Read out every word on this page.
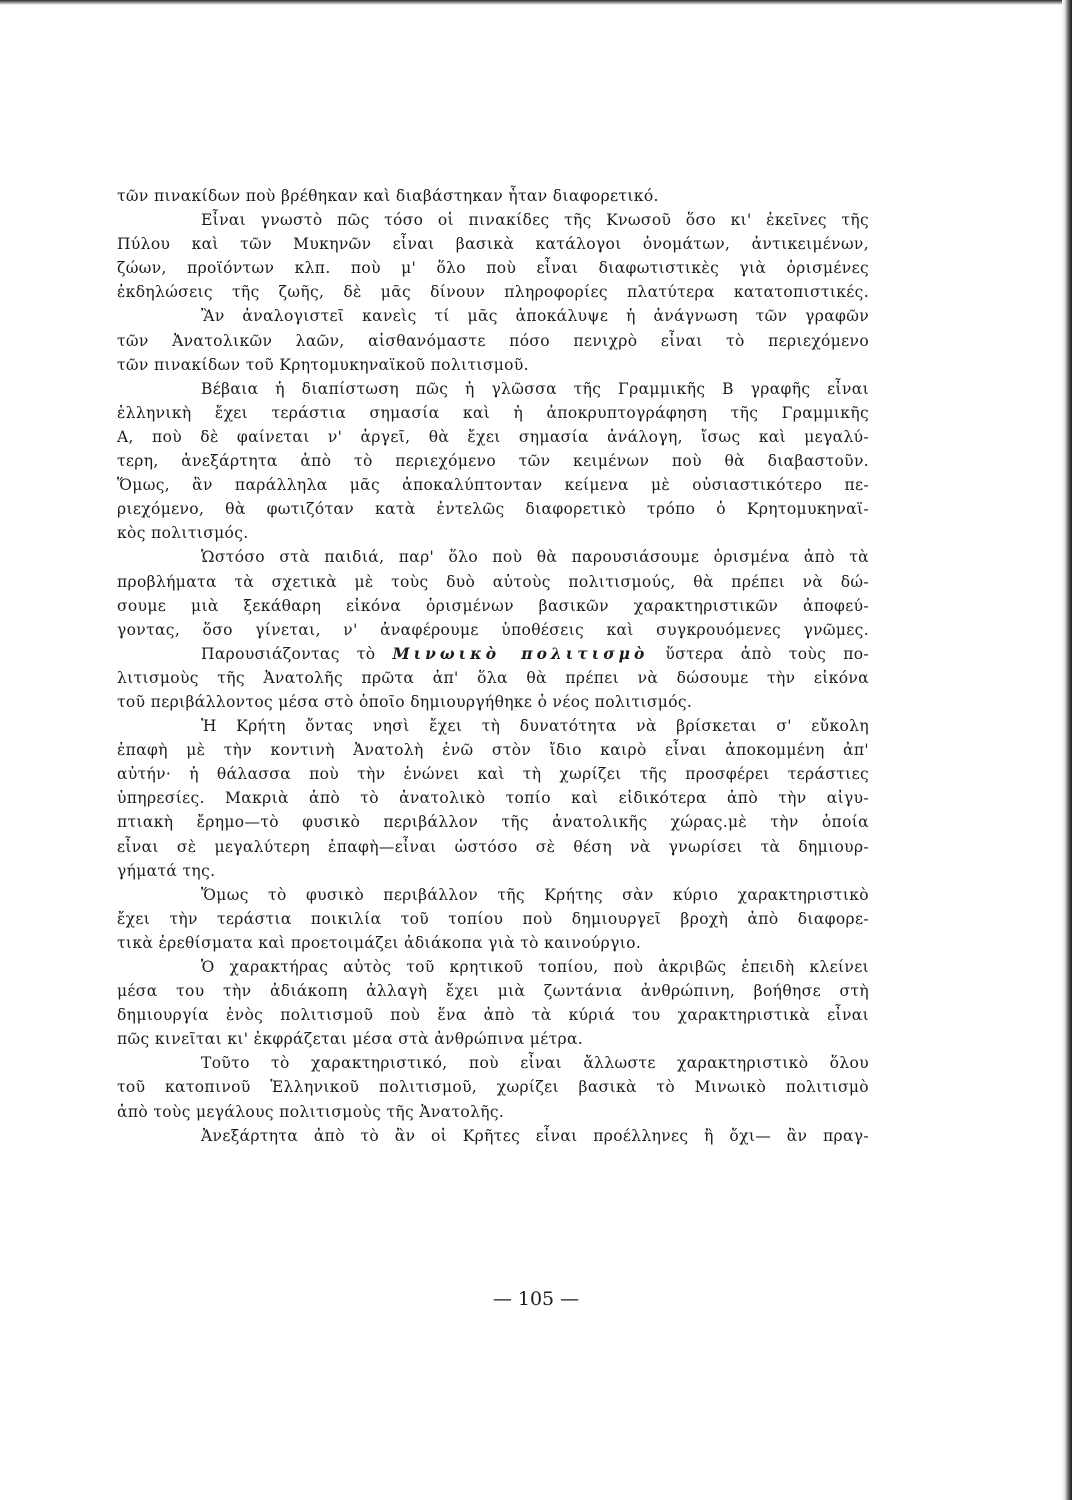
τῶν πινακίδων ποὺ βρέθηκαν καὶ διαβάστηκαν ἦταν διαφορετικό.
Εἶναι γνωστὸ πῶς τόσο οἱ πινακίδες τῆς Κνωσοῦ ὅσο κι' ἐκεῖνες τῆς
Πύλου καὶ τῶν Μυκηνῶν εἶναι βασικὰ κατάλογοι ὀνομάτων, ἀντικειμένων,
ζώων, προϊόντων κλπ. ποὺ μ' ὅλο ποὺ εἶναι διαφωτιστικὲς γιὰ ὁρισμένες
ἐκδηλώσεις τῆς ζωῆς, δὲ μᾶς δίνουν πληροφορίες πλατύτερα κατατοπιστικές.
Ἂν ἀναλογιστεῖ κανεὶς τί μᾶς ἀποκάλυψε ἡ ἀνάγνωση τῶν γραφῶν
τῶν Ἀνατολικῶν λαῶν, αἰσθανόμαστε πόσο πενιχρὸ εἶναι τὸ περιεχόμενο
τῶν πινακίδων τοῦ Κρητομυκηναϊκοῦ πολιτισμοῦ.
Βέβαια ἡ διαπίστωση πῶς ἡ γλῶσσα τῆς Γραμμικῆς Β γραφῆς εἶναι
ἑλληνικὴ ἔχει τεράστια σημασία καὶ ἡ ἀποκρυπτογράφηση τῆς Γραμμικῆς
Α, ποὺ δὲ φαίνεται ν' ἀργεῖ, θὰ ἔχει σημασία ἀνάλογη, ἴσως καὶ μεγαλύ-
τερη, ἀνεξάρτητα ἀπὸ τὸ περιεχόμενο τῶν κειμένων ποὺ θὰ διαβαστοῦν.
Ὅμως, ἂν παράλληλα μᾶς ἀποκαλύπτονταν κείμενα μὲ οὐσιαστικότερο πε-
ριεχόμενο, θὰ φωτιζόταν κατὰ ἐντελῶς διαφορετικὸ τρόπο ὁ Κρητομυκηναϊ-
κὸς πολιτισμός.
Ὡστόσο στὰ παιδιά, παρ' ὅλο ποὺ θὰ παρουσιάσουμε ὁρισμένα ἀπὸ τὰ
προβλήματα τὰ σχετικὰ μὲ τοὺς δυὸ αὐτοὺς πολιτισμούς, θὰ πρέπει νὰ δώ-
σουμε μιὰ ξεκάθαρη εἰκόνα ὁρισμένων βασικῶν χαρακτηριστικῶν ἀποφεύ-
γοντας, ὅσο γίνεται, ν' ἀναφέρουμε ὑποθέσεις καὶ συγκρουόμενες γνῶμες.
Παρουσιάζοντας τὸ Μινωικὸ πολιτισμὸ ὕστερα ἀπὸ τοὺς πο-
λιτισμοὺς τῆς Ἀνατολῆς πρῶτα ἀπ' ὅλα θὰ πρέπει νὰ δώσουμε τὴν εἰκόνα
τοῦ περιβάλλοντος μέσα στὸ ὁποῖο δημιουργήθηκε ὁ νέος πολιτισμός.
Ἡ Κρήτη ὄντας νησὶ ἔχει τὴ δυνατότητα νὰ βρίσκεται σ' εὔκολη
ἐπαφὴ μὲ τὴν κοντινὴ Ἀνατολὴ ἐνῶ στὸν ἴδιο καιρὸ εἶναι ἀποκομμένη ἀπ'
αὐτήν· ἡ θάλασσα ποὺ τὴν ἑνώνει καὶ τὴ χωρίζει τῆς προσφέρει τεράστιες
ὑπηρεσίες. Μακριὰ ἀπὸ τὸ ἀνατολικὸ τοπίο καὶ εἰδικότερα ἀπὸ τὴν αἰγυ-
πτιακὴ ἔρημο—τὸ φυσικὸ περιβάλλον τῆς ἀνατολικῆς χώρας.μὲ τὴν ὁποία
εἶναι σὲ μεγαλύτερη ἐπαφὴ—εἶναι ὡστόσο σὲ θέση νὰ γνωρίσει τὰ δημιουρ-
γήματά της.
Ὅμως τὸ φυσικὸ περιβάλλον τῆς Κρήτης σὰν κύριο χαρακτηριστικὸ
ἔχει τὴν τεράστια ποικιλία τοῦ τοπίου ποὺ δημιουργεῖ βροχὴ ἀπὸ διαφορε-
τικὰ ἐρεθίσματα καὶ προετοιμάζει ἀδιάκοπα γιὰ τὸ καινούργιο.
Ὁ χαρακτήρας αὐτὸς τοῦ κρητικοῦ τοπίου, ποὺ ἀκριβῶς ἐπειδὴ κλείνει
μέσα του τὴν ἀδιάκοπη ἀλλαγὴ ἔχει μιὰ ζωντάνια ἀνθρώπινη, βοήθησε στὴ
δημιουργία ἑνὸς πολιτισμοῦ ποὺ ἕνα ἀπὸ τὰ κύριά του χαρακτηριστικὰ εἶναι
πῶς κινεῖται κι' ἐκφράζεται μέσα στὰ ἀνθρώπινα μέτρα.
Τοῦτο τὸ χαρακτηριστικό, ποὺ εἶναι ἄλλωστε χαρακτηριστικὸ ὅλου
τοῦ κατοπινοῦ Ἑλληνικοῦ πολιτισμοῦ, χωρίζει βασικὰ τὸ Μινωικὸ πολιτισμὸ
ἀπὸ τοὺς μεγάλους πολιτισμοὺς τῆς Ἀνατολῆς.
Ἀνεξάρτητα ἀπὸ τὸ ἂν οἱ Κρῆτες εἶναι προέλληνες ἢ ὄχι— ἂν πραγ-
— 105 —
